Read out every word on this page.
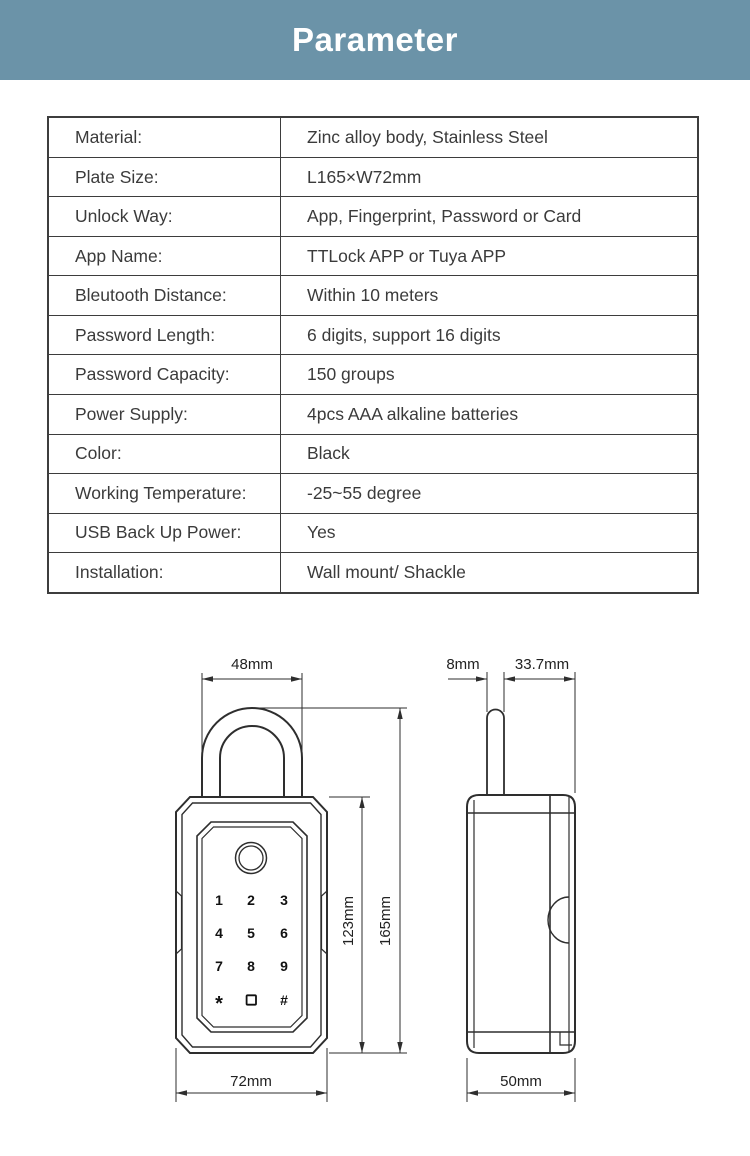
Parameter
Material:	Zinc alloy body, Stainless Steel
Plate Size:	L165×W72mm
Unlock Way:	App, Fingerprint, Password or Card
App Name:	TTLock APP or Tuya APP
Bleutooth Distance:	Within 10 meters
Password Length:	6 digits, support 16 digits
Password Capacity:	150 groups
Power Supply:	4pcs AAA alkaline batteries
Color:	Black
Working Temperature:	-25~55 degree
USB Back Up Power:	Yes
Installation:	Wall mount/ Shackle
1 2 3
4 5 6
7 8 9
*	#
48mm
123mm 165mm
72mm
8mm 33.7mm
50mm
